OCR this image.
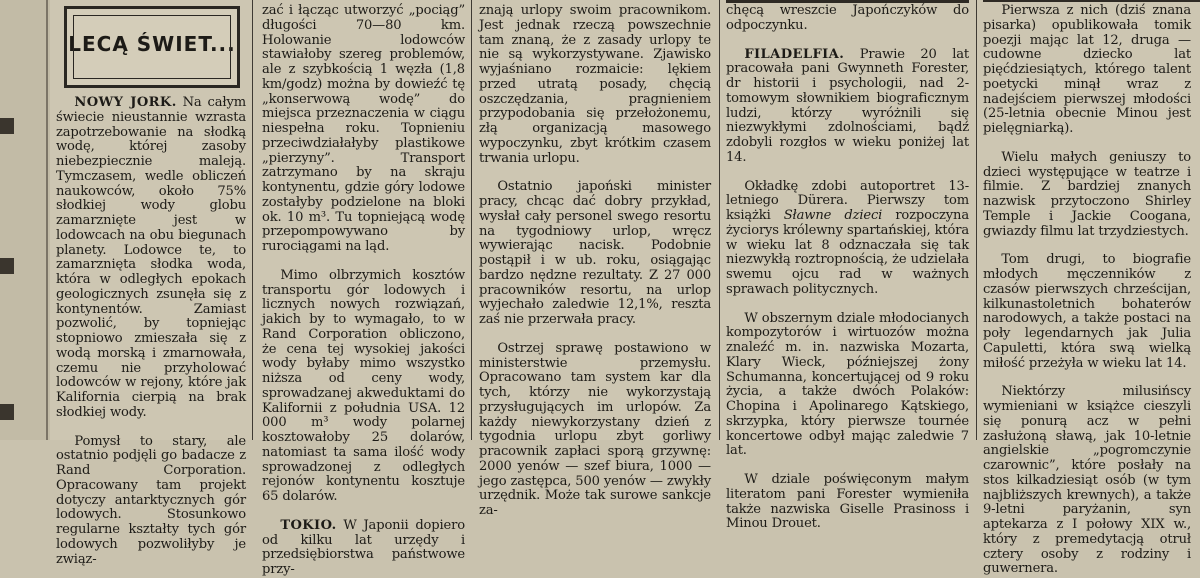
LECĄ ŚWIET...

NOWY JORK. Na całym świecie nieustannie wzrasta zapotrzebowanie na słodką wodę, której zasoby niebezpiecznie maleją. Tymczasem, wedle obliczeń naukowców, około 75% słodkiej wody globu zamarznięte jest w lodowcach na obu biegunach planety. Lodowce te, to zamarznięta słodka woda, która w odległych epokach geologicznych zsunęła się z kontynentów. Zamiast pozwolić, by topniejąc stopniowo zmieszała się z wodą morską i zmarnowała, czemu nie przyholować lodowców w rejony, które jak Kalifornia cierpią na brak słodkiej wody.

Pomysł to stary, ale ostatnio podjęli go badacze z Rand Corporation. Opracowany tam projekt dotyczy antarktycznych gór lodowych. Stosunkowo regularne kształty tych gór lodowych pozwoliłyby je związ-

zać i łącząc utworzyć „pociąg” długości 70—80 km. Holowanie lodowców stawiałoby szereg problemów, ale z szybkością 1 węzła (1,8 km/godz) można by dowieźć tę „konserwową wodę” do miejsca przeznaczenia w ciągu niespełna roku. Topnieniu przeciwdziałałyby plastikowe „pierzyny”. Transport zatrzymano by na skraju kontynentu, gdzie góry lodowe zostałyby podzielone na bloki ok. 10 m³. Tu topniejącą wodę przepompowywano by rurociągami na ląd.

Mimo olbrzymich kosztów transportu gór lodowych i licznych nowych rozwiązań, jakich by to wymagało, to w Rand Corporation obliczono, że cena tej wysokiej jakości wody byłaby mimo wszystko niższa od ceny wody, sprowadzanej akweduktami do Kalifornii z południa USA. 12 000 m³ wody polarnej kosztowałoby 25 dolarów, natomiast ta sama ilość wody sprowadzonej z odległych rejonów kontynentu kosztuje 65 dolarów.

TOKIO. W Japonii dopiero od kilku lat urzędy i przedsiębiorstwa państwowe przy-

znają urlopy swoim pracownikom. Jest jednak rzeczą powszechnie tam znaną, że z zasady urlopy te nie są wykorzystywane. Zjawisko wyjaśniano rozmaicie: lękiem przed utratą posady, chęcią oszczędzania, pragnieniem przypodobania się przełożonemu, złą organizacją masowego wypoczynku, zbyt krótkim czasem trwania urlopu.

Ostatnio japoński minister pracy, chcąc dać dobry przykład, wysłał cały personel swego resortu na tygodniowy urlop, wręcz wywierając nacisk. Podobnie postąpił i w ub. roku, osiągając bardzo nędzne rezultaty. Z 27 000 pracowników resortu, na urlop wyjechało zaledwie 12,1%, reszta zaś nie przerwała pracy.

Ostrzej sprawę postawiono w ministerstwie przemysłu. Opracowano tam system kar dla tych, którzy nie wykorzystają przysługujących im urlopów. Za każdy niewykorzystany dzień z tygodnia urlopu zbyt gorliwy pracownik zapłaci sporą grzywnę: 2000 yenów — szef biura, 1000 — jego zastępca, 500 yenów — zwykły urzędnik. Może tak surowe sankcje za-

chęcą wreszcie Japończyków do odpoczynku.

FILADELFIA. Prawie 20 lat pracowała pani Gwynneth Forester, dr historii i psychologii, nad 2-tomowym słownikiem biograficznym ludzi, którzy wyróżnili się niezwykłymi zdolnościami, bądź zdobyli rozgłos w wieku poniżej lat 14.

Okładkę zdobi autoportret 13-letniego Dürera. Pierwszy tom książki Sławne dzieci rozpoczyna życiorys królewny spartańskiej, która w wieku lat 8 odznaczała się tak niezwykłą roztropnością, że udzielała swemu ojcu rad w ważnych sprawach politycznych.

W obszernym dziale młodocianych kompozytorów i wirtuozów można znaleźć m. in. nazwiska Mozarta, Klary Wieck, późniejszej żony Schumanna, koncertującej od 9 roku życia, a także dwóch Polaków: Chopina i Apolinarego Kątskiego, skrzypka, który pierwsze tournée koncertowe odbył mając zaledwie 7 lat.

W dziale poświęconym małym literatom pani Forester wymieniła także nazwiska Giselle Prasinoss i Minou Drouet.

Pierwsza z nich (dziś znana pisarka) opublikowała tomik poezji mając lat 12, druga — cudowne dziecko lat pięćdziesiątych, którego talent poetycki minął wraz z nadejściem pierwszej młodości (25-letnia obecnie Minou jest pielęgniarką).

Wielu małych geniuszy to dzieci występujące w teatrze i filmie. Z bardziej znanych nazwisk przytoczono Shirley Temple i Jackie Coogana, gwiazdy filmu lat trzydziestych.

Tom drugi, to biografie młodych męczenników z czasów pierwszych chrześcijan, kilkunastoletnich bohaterów narodowych, a także postaci na poły legendarnych jak Julia Capuletti, która swą wielką miłość przeżyła w wieku lat 14.

Niektórzy milusińscy wymieniani w książce cieszyli się ponurą acz w pełni zasłużoną sławą, jak 10-letnie angielskie „pogromczynie czarownic”, które posłały na stos kilkadziesiąt osób (w tym najbliższych krewnych), a także 9-letni paryżanin, syn aptekarza z I połowy XIX w., który z premedytacją otruł cztery osoby z rodziny i guwernera.
